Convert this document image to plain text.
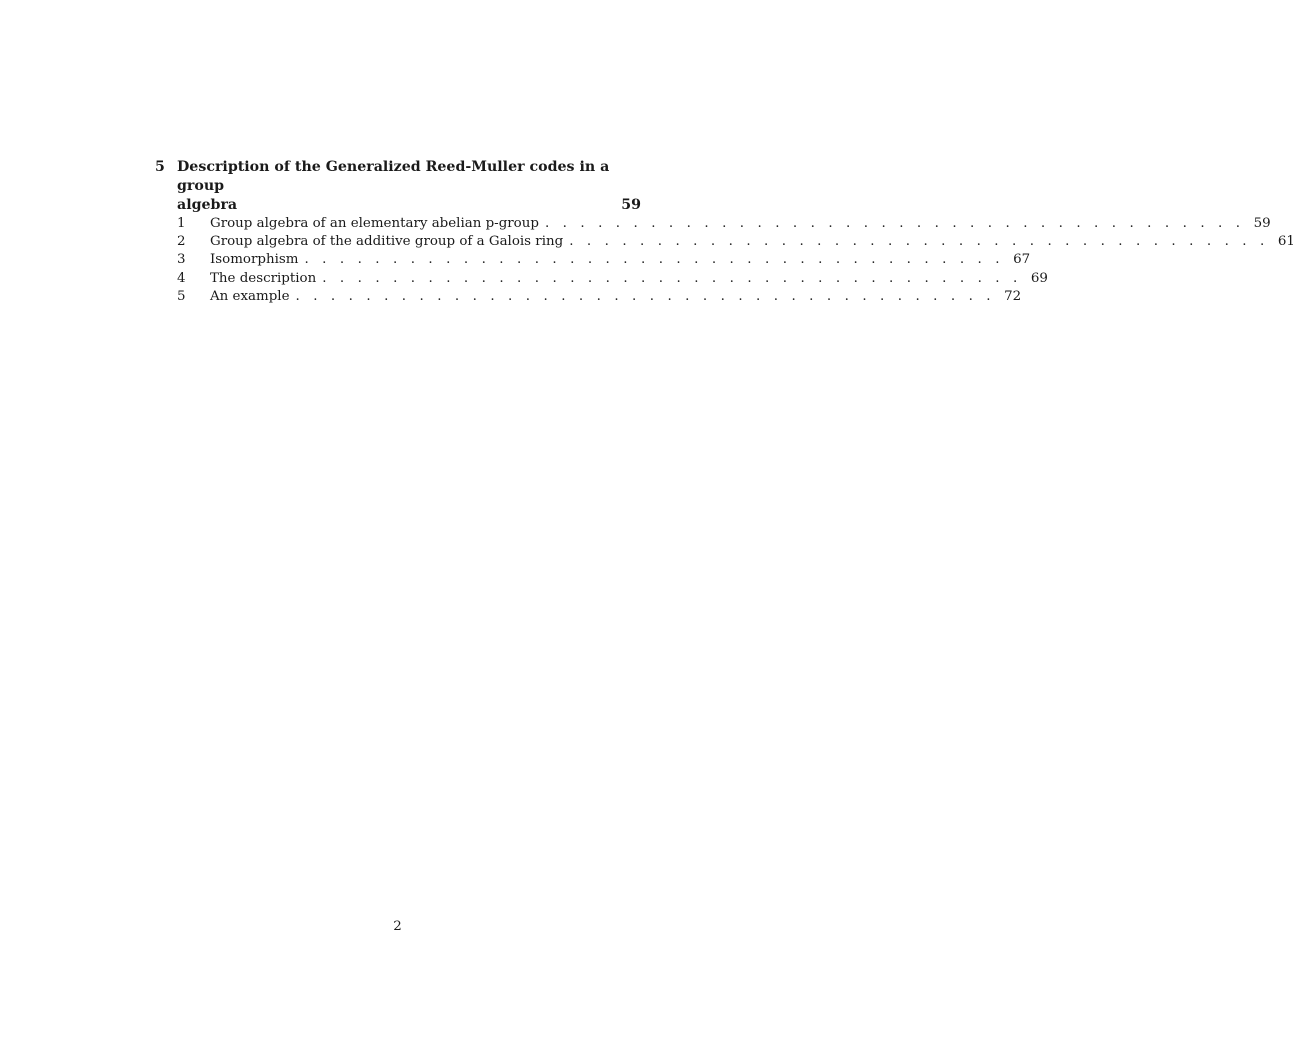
5 Description of the Generalized Reed-Muller codes in a group
algebra	59
1	Group algebra of an elementary abelian p-group . . . . . . . . . . . . . . . . . . . . . . . . . . . . . . . . . . . . . . . . 59
2	Group algebra of the additive group of a Galois ring . . . . . . . . . . . . . . . . . . . . . . . . . . . . . . . . . . . . . . . . 61
3	Isomorphism . . . . . . . . . . . . . . . . . . . . . . . . . . . . . . . . . . . . . . . . 67
4	The description . . . . . . . . . . . . . . . . . . . . . . . . . . . . . . . . . . . . . . . . 69
5	An example . . . . . . . . . . . . . . . . . . . . . . . . . . . . . . . . . . . . . . . . 72
2
